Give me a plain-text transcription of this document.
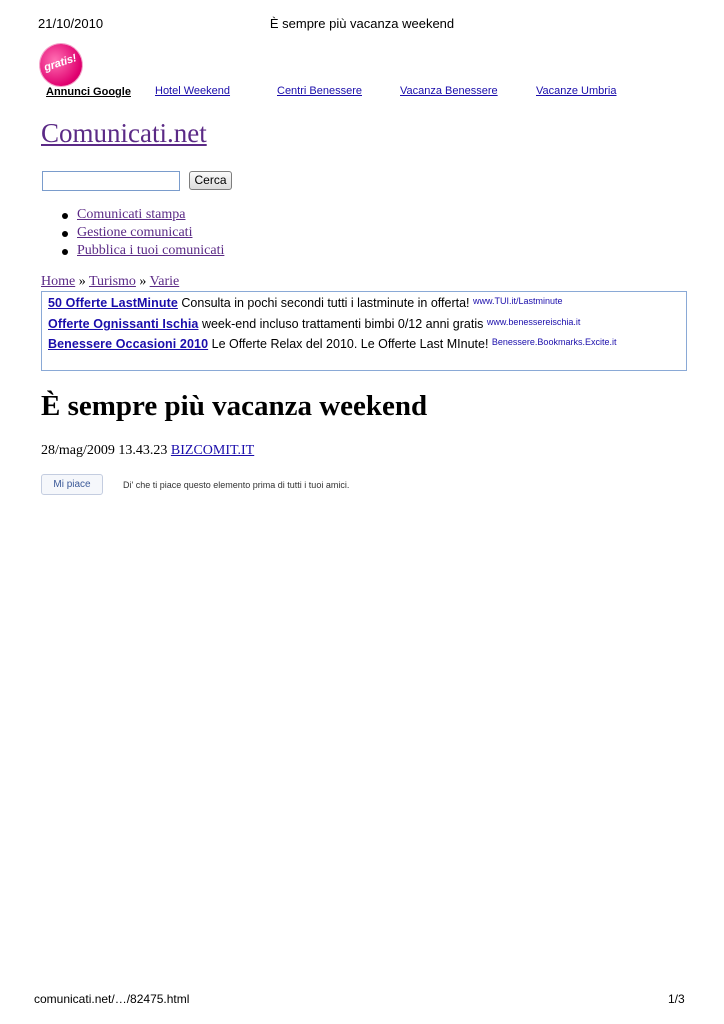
21/10/2010	È sempre più vacanza weekend
gratis!
Annunci Google Hotel Weekend	Centri Benessere	Vacanza Benessere	Vacanze Umbria
Comunicati.net
Cerca
Comunicati stampa
Gestione comunicati
Pubblica i tuoi comunicati
Home » Turismo » Varie
50 Offerte LastMinute Consulta in pochi secondi tutti i lastminute in offerta! $^{www.TUI.it/Lastminute}$
Offerte Ognissanti Ischia week-end incluso trattamenti bimbi 0/12 anni gratis $^{www.benessereischia.it}$
Benessere Occasioni 2010 Le Offerte Relax del 2010. Le Offerte Last MInute! $^{Benessere.Bookmarks.Excite.it}$
È sempre più vacanza weekend
28/mag/2009 13.43.23 BIZCOMIT.IT
Mi piace	Di' che ti piace questo elemento prima di tutti i tuoi amici.
comunicati.net/…/82475.html	1/3
